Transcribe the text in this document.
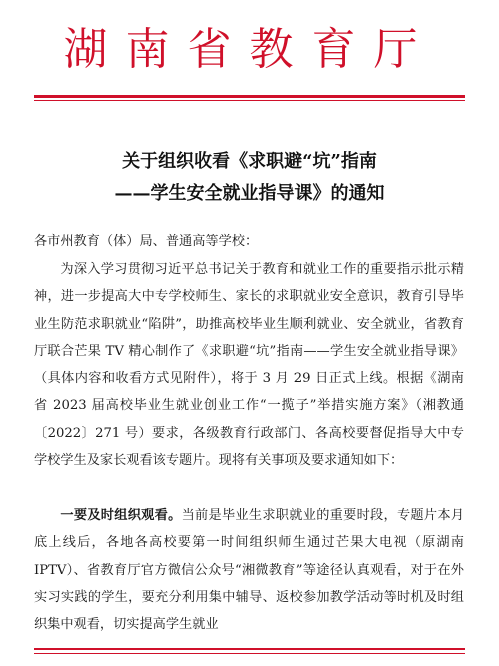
湖南省教育厅
关于组织收看《求职避“坑”指南
——学生安全就业指导课》的通知
各市州教育（体）局、普通高等学校：
为深入学习贯彻习近平总书记关于教育和就业工作的重要指示批示精神，进一步提高大中专学校师生、家长的求职就业安全意识，教育引导毕业生防范求职就业“陷阱”，助推高校毕业生顺利就业、安全就业，省教育厅联合芒果 TV 精心制作了《求职避“坑”指南——学生安全就业指导课》（具体内容和收看方式见附件），将于 3 月 29 日正式上线。根据《湖南省 2023 届高校毕业生就业创业工作“一揽子”举措实施方案》（湘教通〔2022〕271 号）要求，各级教育行政部门、各高校要督促指导大中专学校学生及家长观看该专题片。现将有关事项及要求通知如下：
一要及时组织观看。当前是毕业生求职就业的重要时段，专题片本月底上线后，各地各高校要第一时间组织师生通过芒果大电视（原湖南 IPTV）、省教育厅官方微信公众号“湘微教育”等途径认真观看，对于在外实习实践的学生，要充分利用集中辅导、返校参加教学活动等时机及时组织集中观看，切实提高学生就业
